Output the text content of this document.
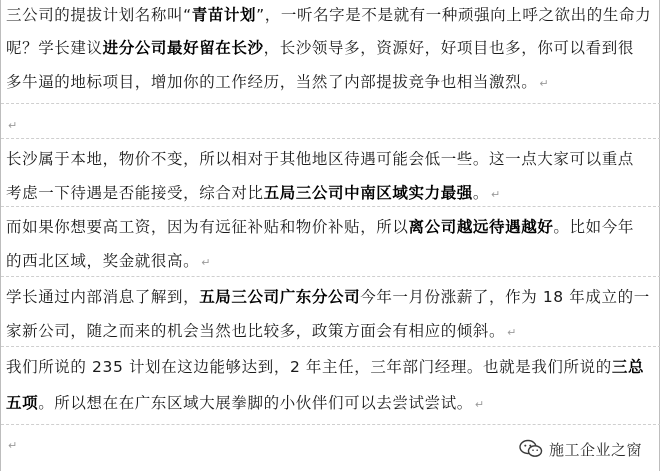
三公司的提拔计划名称叫“青苗计划”，一听名字是不是就有一种顽强向上呼之欲出的生命力
呢？学长建议进分公司最好留在长沙，长沙领导多，资源好，好项目也多，你可以看到很
多牛逼的地标项目，增加你的工作经历，当然了内部提拔竞争也相当激烈。 ↵
↵
长沙属于本地，物价不变，所以相对于其他地区待遇可能会低一些。这一点大家可以重点
考虑一下待遇是否能接受，综合对比五局三公司中南区域实力最强。 ↵
而如果你想要高工资，因为有远征补贴和物价补贴，所以离公司越远待遇越好。比如今年
的西北区域，奖金就很高。 ↵
学长通过内部消息了解到，五局三公司广东分公司今年一月份涨薪了，作为 18 年成立的一
家新公司，随之而来的机会当然也比较多，政策方面会有相应的倾斜。 ↵
我们所说的 235 计划在这边能够达到，2 年主任，三年部门经理。也就是我们所说的三总
五项。所以想在在广东区域大展拳脚的小伙伴们可以去尝试尝试。 ↵
↵	施工企业之窗
